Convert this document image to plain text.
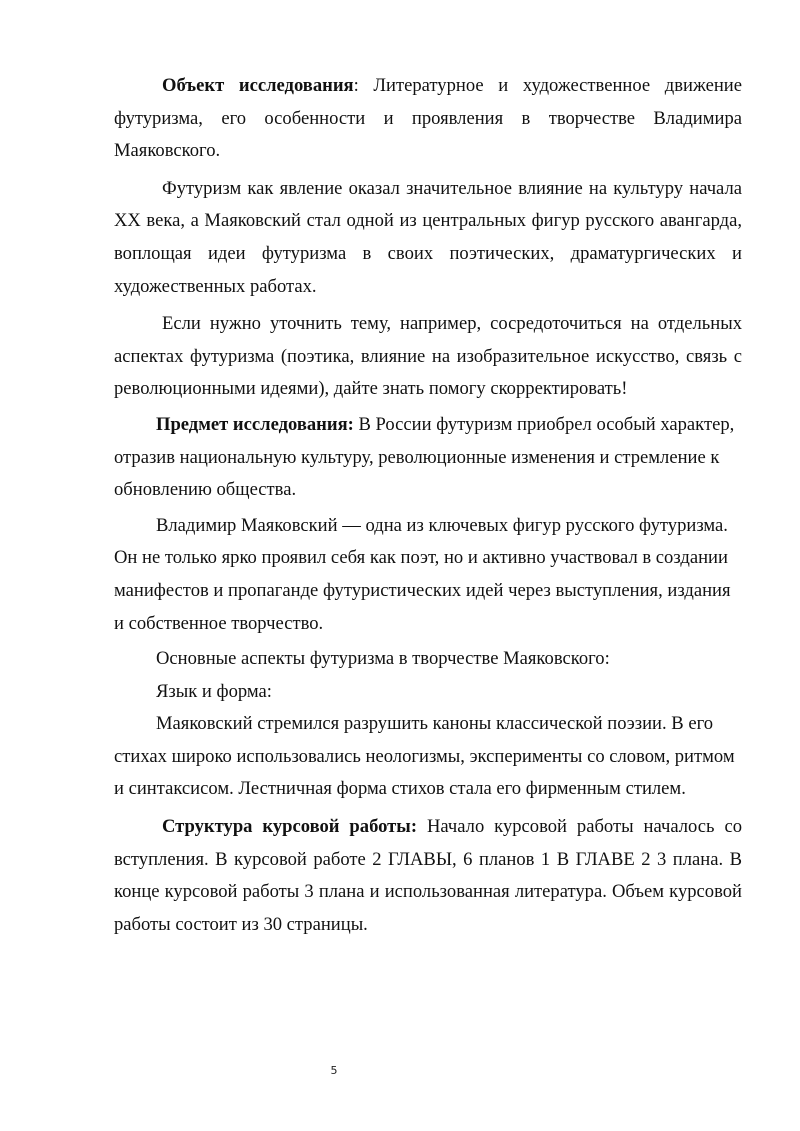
Объект исследования: Литературное и художественное движение футуризма, его особенности и проявления в творчестве Владимира Маяковского.

Футуризм как явление оказал значительное влияние на культуру начала XX века, а Маяковский стал одной из центральных фигур русского авангарда, воплощая идеи футуризма в своих поэтических, драматургических и художественных работах.

Если нужно уточнить тему, например, сосредоточиться на отдельных аспектах футуризма (поэтика, влияние на изобразительное искусство, связь с революционными идеями), дайте знать помогу скорректировать!

Предмет исследования: В России футуризм приобрел особый характер, отразив национальную культуру, революционные изменения и стремление к обновлению общества.

Владимир Маяковский — одна из ключевых фигур русского футуризма. Он не только ярко проявил себя как поэт, но и активно участвовал в создании манифестов и пропаганде футуристических идей через выступления, издания и собственное творчество.

Основные аспекты футуризма в творчестве Маяковского:

Язык и форма:

Маяковский стремился разрушить каноны классической поэзии. В его стихах широко использовались неологизмы, эксперименты со словом, ритмом и синтаксисом. Лестничная форма стихов стала его фирменным стилем.

Структура курсовой работы: Начало курсовой работы началось со вступления. В курсовой работе 2 ГЛАВЫ, 6 планов 1 В ГЛАВЕ 2 3 плана. В конце курсовой работы 3 плана и использованная литература. Объем курсовой работы состоит из 30 страницы.

5
